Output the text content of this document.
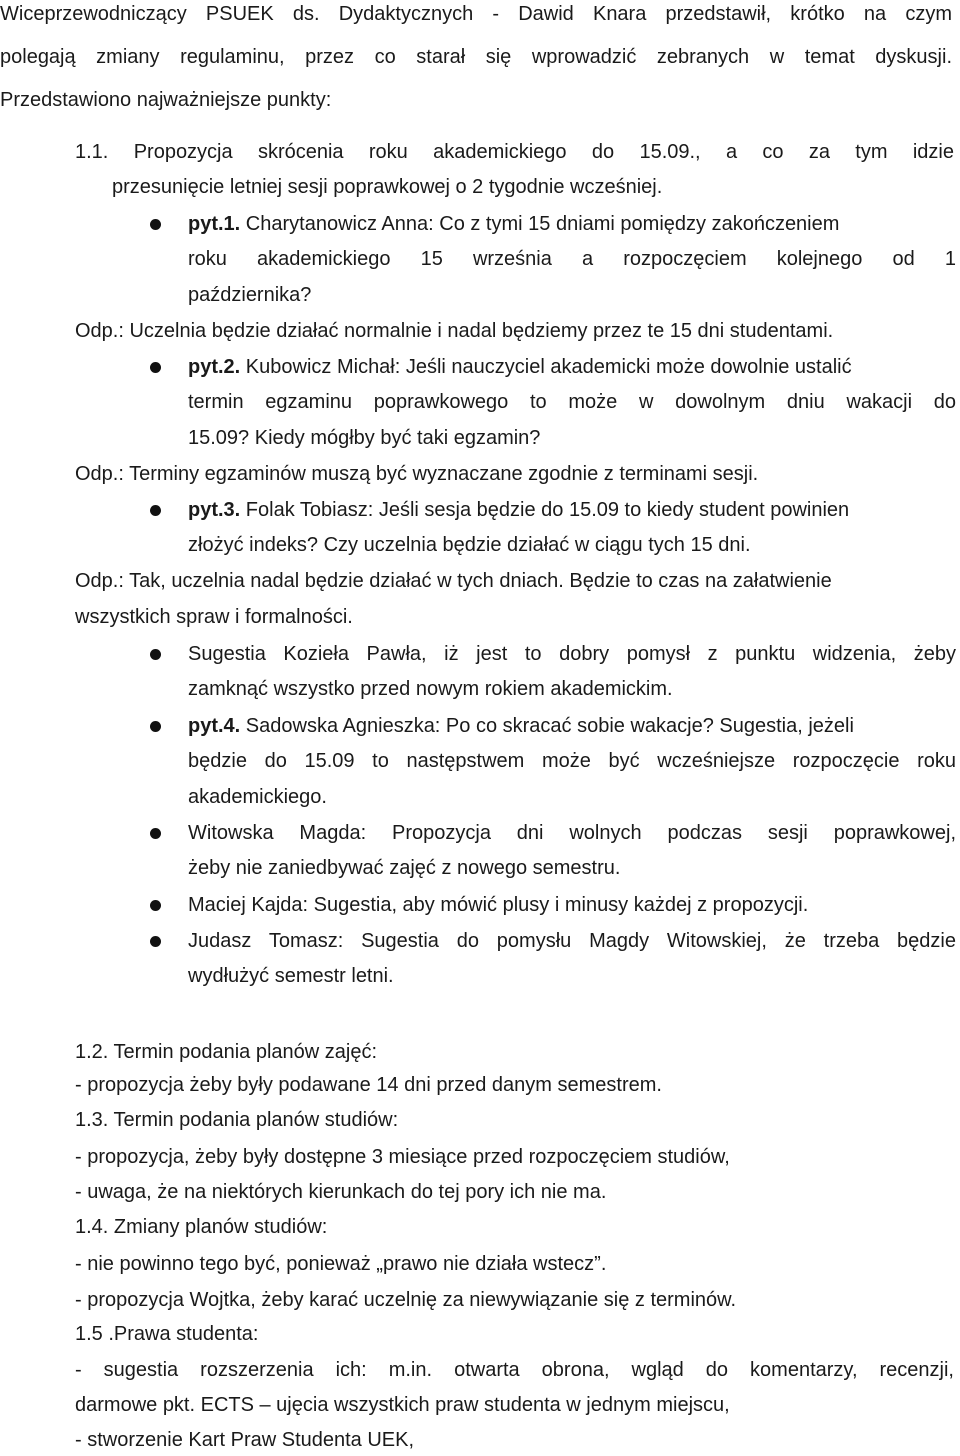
Wiceprzewodniczący PSUEK ds. Dydaktycznych - Dawid Knara przedstawił, krótko na czym
polegają zmiany regulaminu, przez co starał się wprowadzić zebranych w temat dyskusji.
Przedstawiono najważniejsze punkty:
1.1. Propozycja skrócenia roku akademickiego do 15.09., a co za tym idzie
przesunięcie letniej sesji poprawkowej o 2 tygodnie wcześniej.
pyt.1. Charytanowicz Anna: Co z tymi 15 dniami pomiędzy zakończeniem
roku akademickiego 15 września a rozpoczęciem kolejnego od 1
października?
Odp.: Uczelnia będzie działać normalnie i nadal będziemy przez te 15 dni studentami.
pyt.2. Kubowicz Michał: Jeśli nauczyciel akademicki może dowolnie ustalić
termin egzaminu poprawkowego to może w dowolnym dniu wakacji do
15.09? Kiedy mógłby być taki egzamin?
Odp.: Terminy egzaminów muszą być wyznaczane zgodnie z terminami sesji.
pyt.3. Folak Tobiasz: Jeśli sesja będzie do 15.09 to kiedy student powinien
złożyć indeks? Czy uczelnia będzie działać w ciągu tych 15 dni.
Odp.: Tak, uczelnia nadal będzie działać w tych dniach. Będzie to czas na załatwienie
wszystkich spraw i formalności.
Sugestia Kozieła Pawła, iż jest to dobry pomysł z punktu widzenia, żeby
zamknąć wszystko przed nowym rokiem akademickim.
pyt.4. Sadowska Agnieszka: Po co skracać sobie wakacje? Sugestia, jeżeli
będzie do 15.09 to następstwem może być wcześniejsze rozpoczęcie roku
akademickiego.
Witowska Magda: Propozycja dni wolnych podczas sesji poprawkowej,
żeby nie zaniedbywać zajęć z nowego semestru.
Maciej Kajda: Sugestia, aby mówić plusy i minusy każdej z propozycji.
Judasz Tomasz: Sugestia do pomysłu Magdy Witowskiej, że trzeba będzie
wydłużyć semestr letni.
1.2. Termin podania planów zajęć:
- propozycja żeby były podawane 14 dni przed danym semestrem.
1.3. Termin podania planów studiów:
- propozycja, żeby były dostępne 3 miesiące przed rozpoczęciem studiów,
- uwaga, że na niektórych kierunkach do tej pory ich nie ma.
1.4. Zmiany planów studiów:
- nie powinno tego być, ponieważ „prawo nie działa wstecz”.
- propozycja Wojtka, żeby karać uczelnię za niewywiązanie się z terminów.
1.5 .Prawa studenta:
- sugestia rozszerzenia ich: m.in. otwarta obrona, wgląd do komentarzy, recenzji,
darmowe pkt. ECTS – ujęcia wszystkich praw studenta w jednym miejscu,
- stworzenie Kart Praw Studenta UEK,
